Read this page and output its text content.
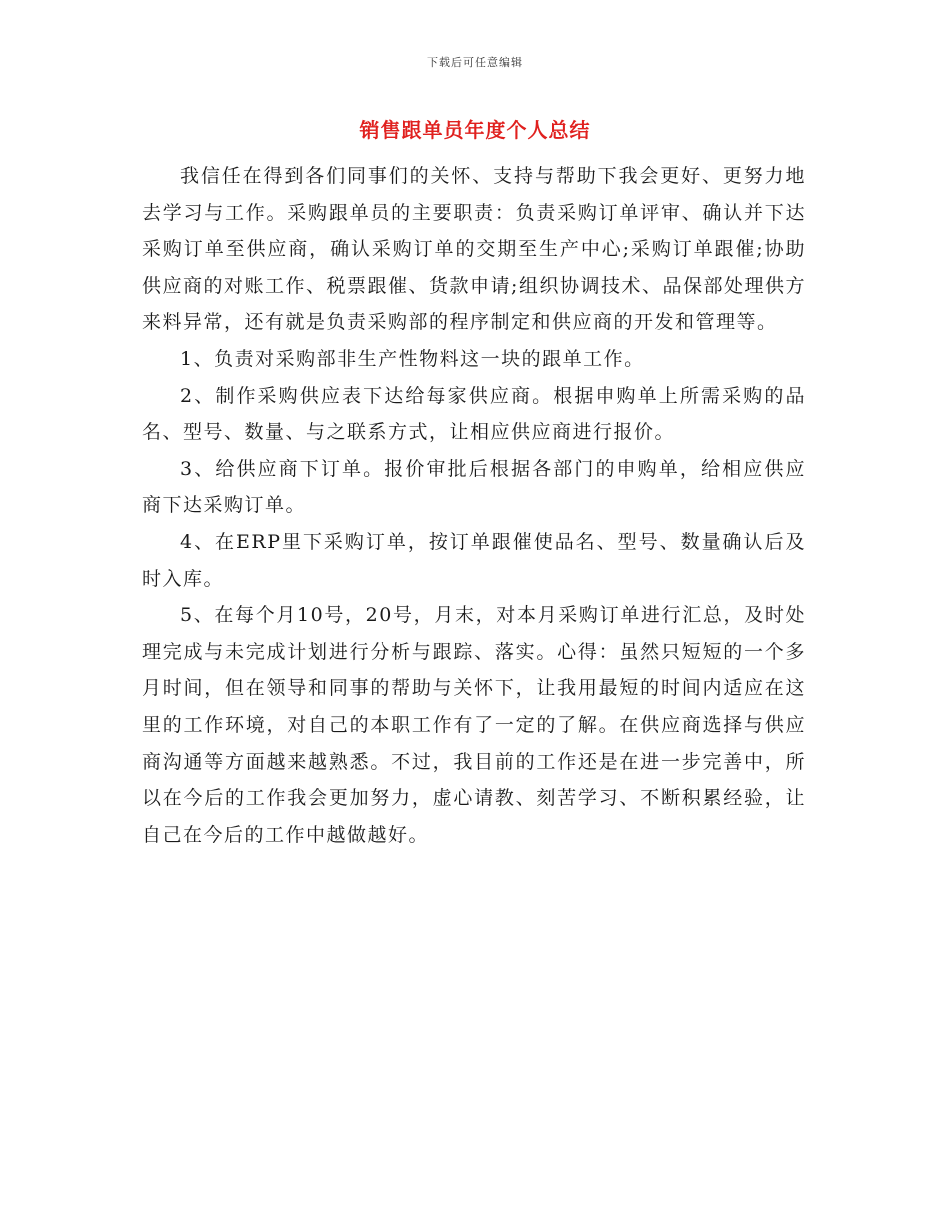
下载后可任意编辑
销售跟单员年度个人总结

我信任在得到各们同事们的关怀、支持与帮助下我会更好、更努力地去学习与工作。采购跟单员的主要职责：负责采购订单评审、确认并下达采购订单至供应商，确认采购订单的交期至生产中心;采购订单跟催;协助供应商的对账工作、税票跟催、货款申请;组织协调技术、品保部处理供方来料异常，还有就是负责采购部的程序制定和供应商的开发和管理等。

1、负责对采购部非生产性物料这一块的跟单工作。

2、制作采购供应表下达给每家供应商。根据申购单上所需采购的品名、型号、数量、与之联系方式，让相应供应商进行报价。

3、给供应商下订单。报价审批后根据各部门的申购单，给相应供应商下达采购订单。

4、在ERP里下采购订单，按订单跟催使品名、型号、数量确认后及时入库。

5、在每个月10号，20号，月末，对本月采购订单进行汇总，及时处理完成与未完成计划进行分析与跟踪、落实。心得：虽然只短短的一个多月时间，但在领导和同事的帮助与关怀下，让我用最短的时间内适应在这里的工作环境，对自己的本职工作有了一定的了解。在供应商选择与供应商沟通等方面越来越熟悉。不过，我目前的工作还是在进一步完善中，所以在今后的工作我会更加努力，虚心请教、刻苦学习、不断积累经验，让自己在今后的工作中越做越好。
